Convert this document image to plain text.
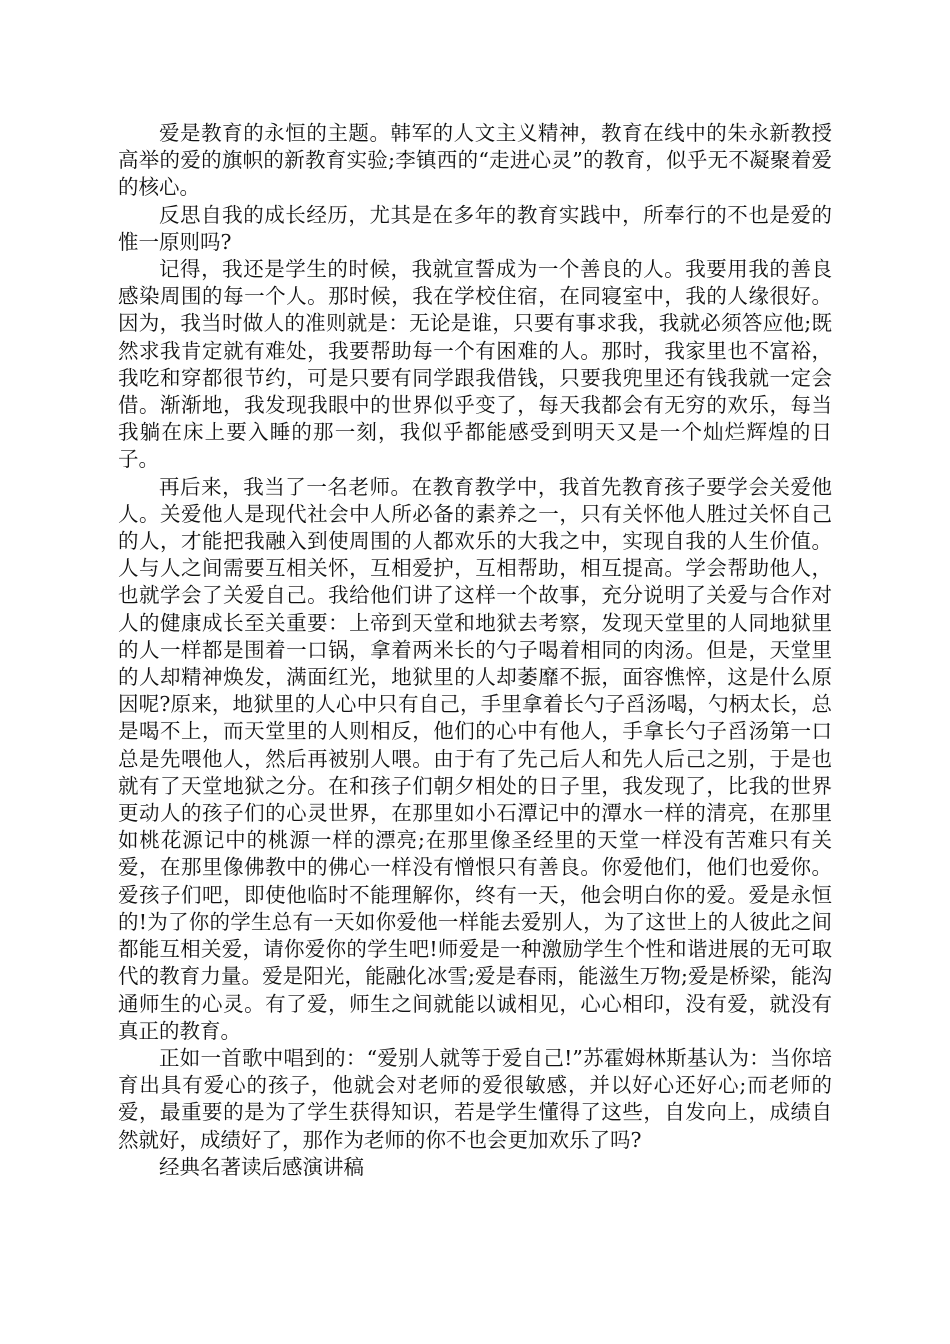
爱是教育的永恒的主题。韩军的人文主义精神，教育在线中的朱永新教授高举的爱的旗帜的新教育实验;李镇西的“走进心灵”的教育，似乎无不凝聚着爱的核心。

反思自我的成长经历，尤其是在多年的教育实践中，所奉行的不也是爱的惟一原则吗?

记得，我还是学生的时候，我就宣誓成为一个善良的人。我要用我的善良感染周围的每一个人。那时候，我在学校住宿，在同寝室中，我的人缘很好。因为，我当时做人的准则就是：无论是谁，只要有事求我，我就必须答应他;既然求我肯定就有难处，我要帮助每一个有困难的人。那时，我家里也不富裕，我吃和穿都很节约，可是只要有同学跟我借钱，只要我兜里还有钱我就一定会借。渐渐地，我发现我眼中的世界似乎变了，每天我都会有无穷的欢乐，每当我躺在床上要入睡的那一刻，我似乎都能感受到明天又是一个灿烂辉煌的日子。

再后来，我当了一名老师。在教育教学中，我首先教育孩子要学会关爱他人。关爱他人是现代社会中人所必备的素养之一，只有关怀他人胜过关怀自己的人，才能把我融入到使周围的人都欢乐的大我之中，实现自我的人生价值。人与人之间需要互相关怀，互相爱护，互相帮助，相互提高。学会帮助他人，也就学会了关爱自己。我给他们讲了这样一个故事，充分说明了关爱与合作对人的健康成长至关重要：上帝到天堂和地狱去考察，发现天堂里的人同地狱里的人一样都是围着一口锅，拿着两米长的勺子喝着相同的肉汤。但是，天堂里的人却精神焕发，满面红光，地狱里的人却萎靡不振，面容憔悴，这是什么原因呢?原来，地狱里的人心中只有自己，手里拿着长勺子舀汤喝，勺柄太长，总是喝不上，而天堂里的人则相反，他们的心中有他人，手拿长勺子舀汤第一口总是先喂他人，然后再被别人喂。由于有了先己后人和先人后己之别，于是也就有了天堂地狱之分。在和孩子们朝夕相处的日子里，我发现了，比我的世界更动人的孩子们的心灵世界，在那里如小石潭记中的潭水一样的清亮，在那里如桃花源记中的桃源一样的漂亮;在那里像圣经里的天堂一样没有苦难只有关爱，在那里像佛教中的佛心一样没有憎恨只有善良。你爱他们，他们也爱你。爱孩子们吧，即使他临时不能理解你，终有一天，他会明白你的爱。爱是永恒的!为了你的学生总有一天如你爱他一样能去爱别人，为了这世上的人彼此之间都能互相关爱，请你爱你的学生吧!师爱是一种激励学生个性和谐进展的无可取代的教育力量。爱是阳光，能融化冰雪;爱是春雨，能滋生万物;爱是桥梁，能沟通师生的心灵。有了爱，师生之间就能以诚相见，心心相印，没有爱，就没有真正的教育。

正如一首歌中唱到的：“爱别人就等于爱自己!”苏霍姆林斯基认为：当你培育出具有爱心的孩子，他就会对老师的爱很敏感，并以好心还好心;而老师的爱，最重要的是为了学生获得知识，若是学生懂得了这些，自发向上，成绩自然就好，成绩好了，那作为老师的你不也会更加欢乐了吗?

经典名著读后感演讲稿
